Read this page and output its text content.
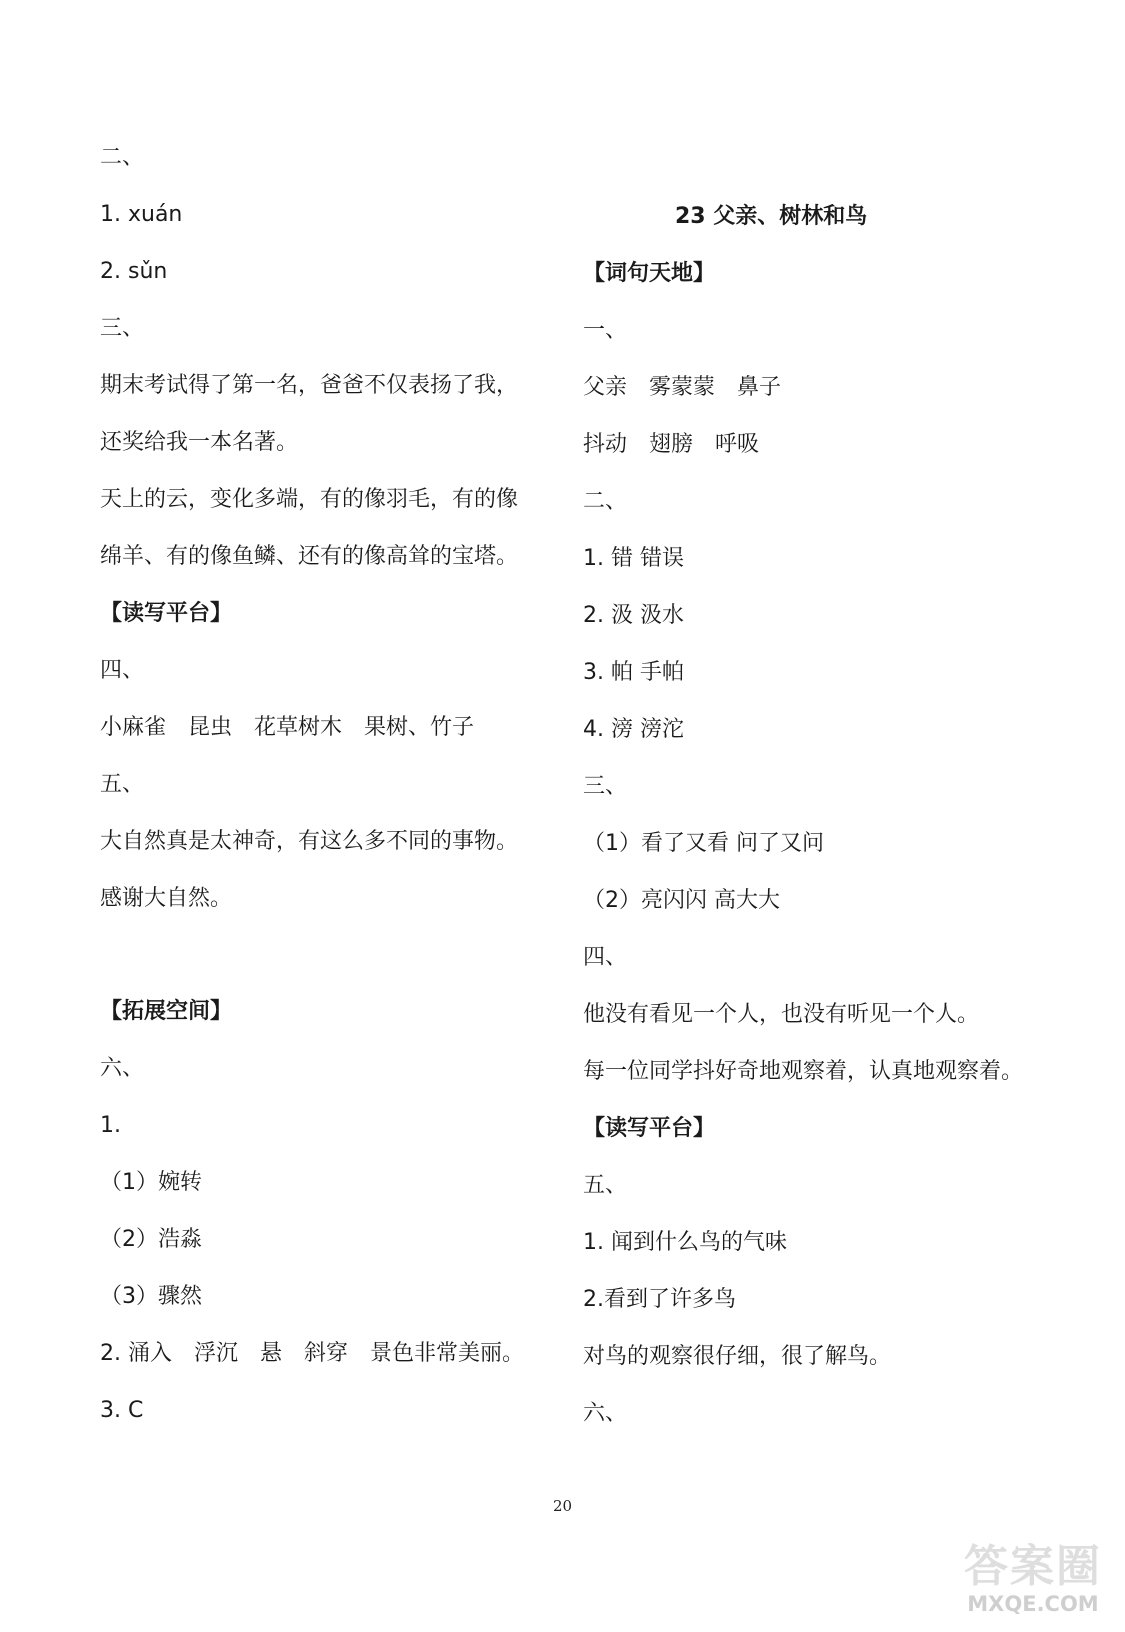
二、
1. xuán
2. sǔn
三、
期末考试得了第一名，爸爸不仅表扬了我，
还奖给我一本名著。
天上的云，变化多端，有的像羽毛，有的像
绵羊、有的像鱼鳞、还有的像高耸的宝塔。
【读写平台】
四、
小麻雀　昆虫　花草树木　果树、竹子
五、
大自然真是太神奇，有这么多不同的事物。
感谢大自然。
【拓展空间】
六、
1.
（1）婉转
（2）浩淼
（3）骤然
2. 涌入　浮沉　悬　斜穿　景色非常美丽。
3. C
23 父亲、树林和鸟
【词句天地】
一、
父亲　雾蒙蒙　鼻子
抖动　翅膀　呼吸
二、
1. 错 错误
2. 汲 汲水
3. 帕 手帕
4. 滂 滂沱
三、
（1）看了又看 问了又问
（2）亮闪闪 高大大
四、
他没有看见一个人，也没有听见一个人。
每一位同学抖好奇地观察着，认真地观察着。
【读写平台】
五、
1. 闻到什么鸟的气味
2.看到了许多鸟
对鸟的观察很仔细，很了解鸟。
六、
20
答案圈
MXQE.COM
